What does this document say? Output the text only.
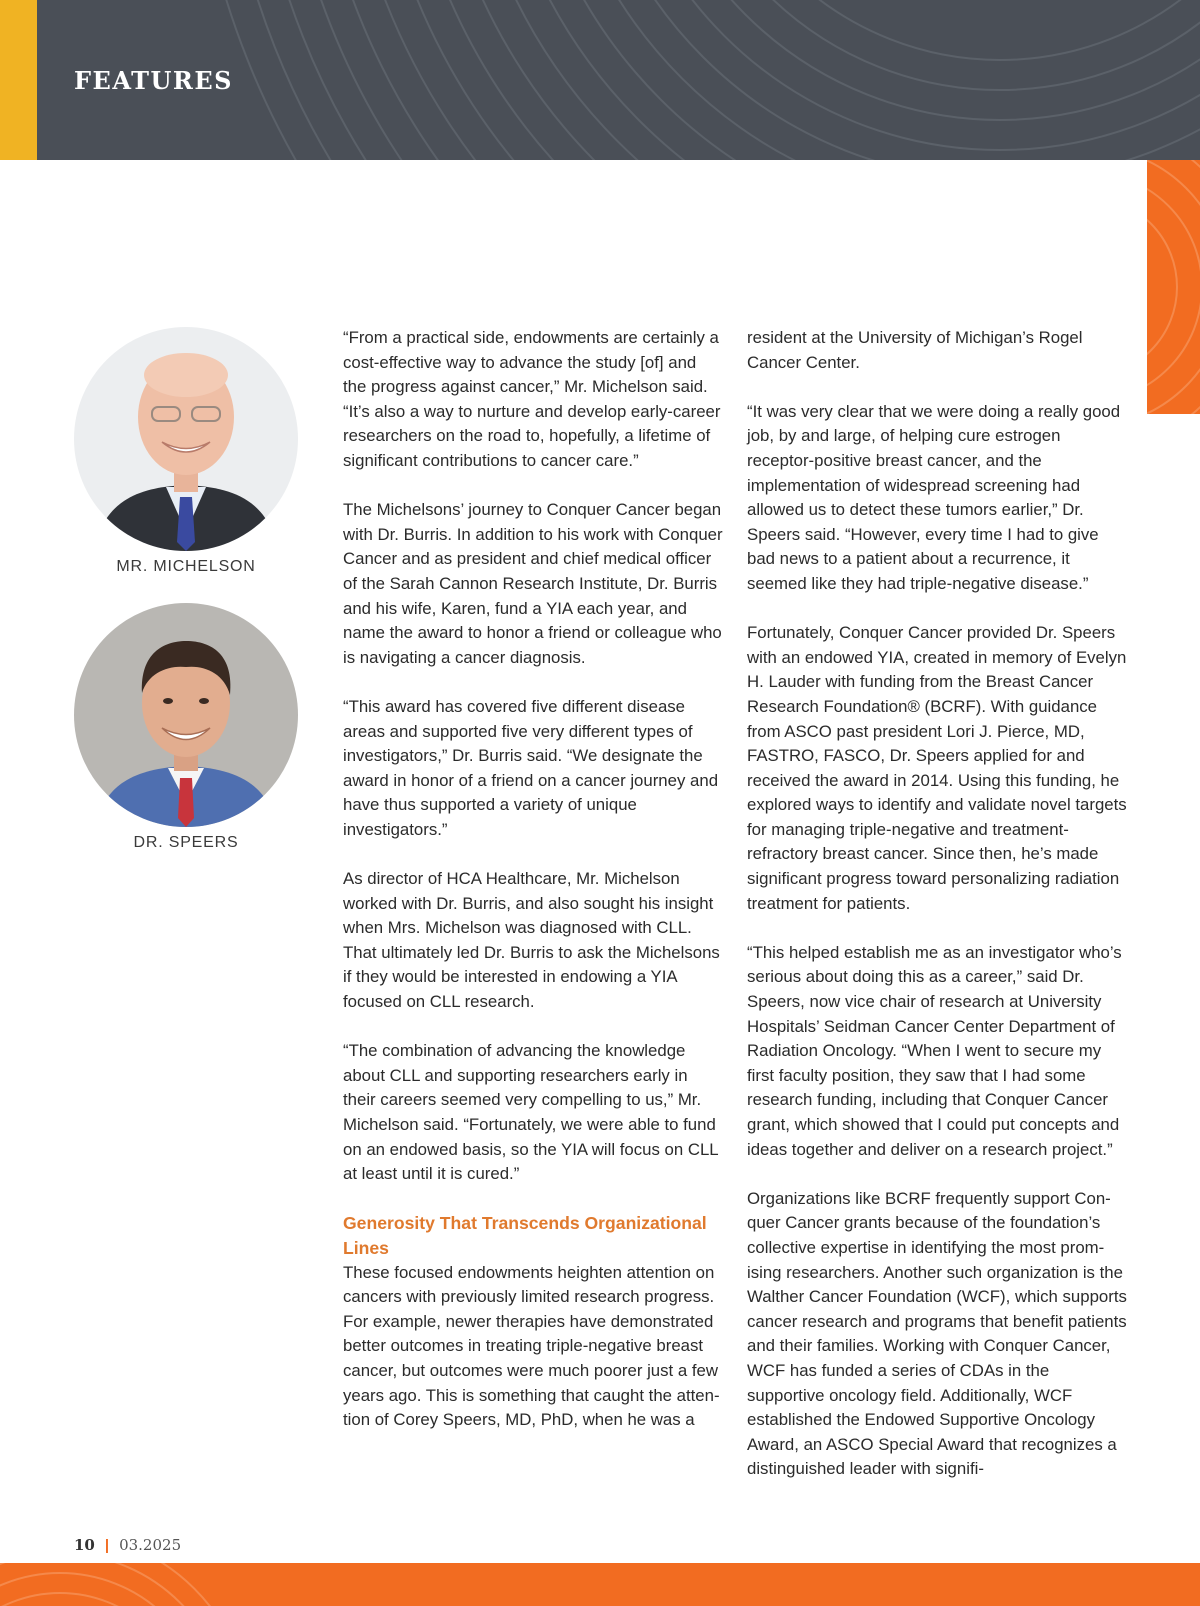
FEATURES
MR. MICHELSON
DR. SPEERS

“From a practical side, endowments are certainly a cost-effective way to advance the study [of] and the progress against cancer,” Mr. Michelson said. “It’s also a way to nurture and develop early-career researchers on the road to, hopefully, a lifetime of significant contributions to cancer care.”

The Michelsons’ journey to Conquer Cancer began with Dr. Burris. In addition to his work with Conquer Cancer and as president and chief medical officer of the Sarah Cannon Research Institute, Dr. Burris and his wife, Karen, fund a YIA each year, and name the award to honor a friend or colleague who is navigating a cancer diagnosis.

“This award has covered five different disease areas and supported five very different types of investigators,” Dr. Burris said. “We designate the award in honor of a friend on a cancer journey and have thus supported a variety of unique investigators.”

As director of HCA Healthcare, Mr. Michelson worked with Dr. Burris, and also sought his insight when Mrs. Michelson was diagnosed with CLL. That ultimately led Dr. Burris to ask the Michelsons if they would be interested in endowing a YIA focused on CLL research.

“The combination of advancing the knowledge about CLL and supporting researchers early in their careers seemed very compelling to us,” Mr. Michelson said. “Fortunately, we were able to fund on an endowed basis, so the YIA will focus on CLL at least until it is cured.”

Generosity That Transcends Organizational Lines

These focused endowments heighten attention on cancers with previously limited research progress. For example, newer therapies have demonstrated better outcomes in treating triple-negative breast cancer, but outcomes were much poorer just a few years ago. This is something that caught the attention of Corey Speers, MD, PhD, when he was a

resident at the University of Michigan’s Rogel Cancer Center.

“It was very clear that we were doing a really good job, by and large, of helping cure estrogen receptor-positive breast cancer, and the implementation of widespread screening had allowed us to detect these tumors earlier,” Dr. Speers said. “However, every time I had to give bad news to a patient about a recurrence, it seemed like they had triple-negative disease.”

Fortunately, Conquer Cancer provided Dr. Speers with an endowed YIA, created in memory of Evelyn H. Lauder with funding from the Breast Cancer Research Foundation® (BCRF). With guidance from ASCO past president Lori J. Pierce, MD, FASTRO, FASCO, Dr. Speers applied for and received the award in 2014. Using this funding, he explored ways to identify and validate novel targets for managing triple-negative and treatment-refractory breast cancer. Since then, he’s made significant progress toward personalizing radiation treatment for patients.

“This helped establish me as an investigator who’s serious about doing this as a career,” said Dr. Speers, now vice chair of research at University Hospitals’ Seidman Cancer Center Department of Radiation Oncology. “When I went to secure my first faculty position, they saw that I had some research funding, including that Conquer Cancer grant, which showed that I could put concepts and ideas together and deliver on a research project.”

Organizations like BCRF frequently support Conquer Cancer grants because of the foundation’s collective expertise in identifying the most promising researchers. Another such organization is the Walther Cancer Foundation (WCF), which supports cancer research and programs that benefit patients and their families. Working with Conquer Cancer, WCF has funded a series of CDAs in the supportive oncology field. Additionally, WCF established the Endowed Supportive Oncology Award, an ASCO Special Award that recognizes a distinguished leader with signifi-

10 | 03.2025
